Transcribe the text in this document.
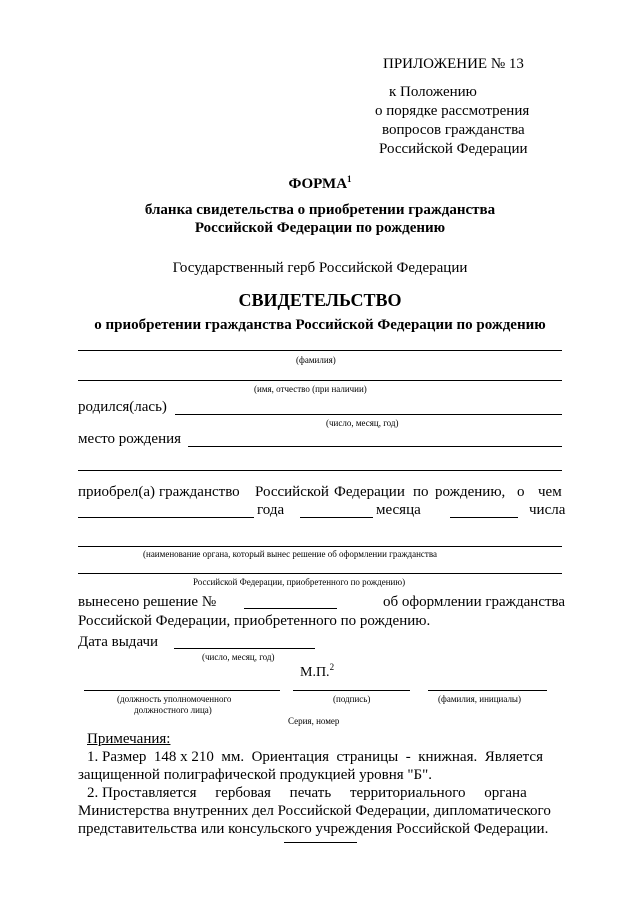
ПРИЛОЖЕНИЕ № 13
к Положению
о порядке рассмотрения
вопросов гражданства
Российской Федерации
ФОРМА$^1$
бланка свидетельства о приобретении гражданства
Российской Федерации по рождению
Государственный герб Российской Федерации
СВИДЕТЕЛЬСТВО
о приобретении гражданства Российской Федерации по рождению
(фамилия)
(имя, отчество (при наличии)
родился(лась)
(число, месяц, год)
место рождения
приобрел(а) гражданство Российской Федерации по рождению, о чем
года	месяца	числа
(наименование органа, который вынес решение об оформлении гражданства
Российской Федерации, приобретенного по рождению)
вынесено решение №	об оформлении гражданства
Российской Федерации, приобретенного по рождению.
Дата выдачи
(число, месяц, год)
М.П.$^2$
(должность уполномоченного
должностного лица)
(подпись)	(фамилия, инициалы)
Серия, номер
Примечания:
1. Размер  148 х 210  мм.  Ориентация  страницы  -  книжная.  Является
защищенной полиграфической продукцией уровня "Б".
2. Проставляется     гербовая     печать     территориального     органа
Министерства внутренних дел Российской Федерации, дипломатического
представительства или консульского учреждения Российской Федерации.
